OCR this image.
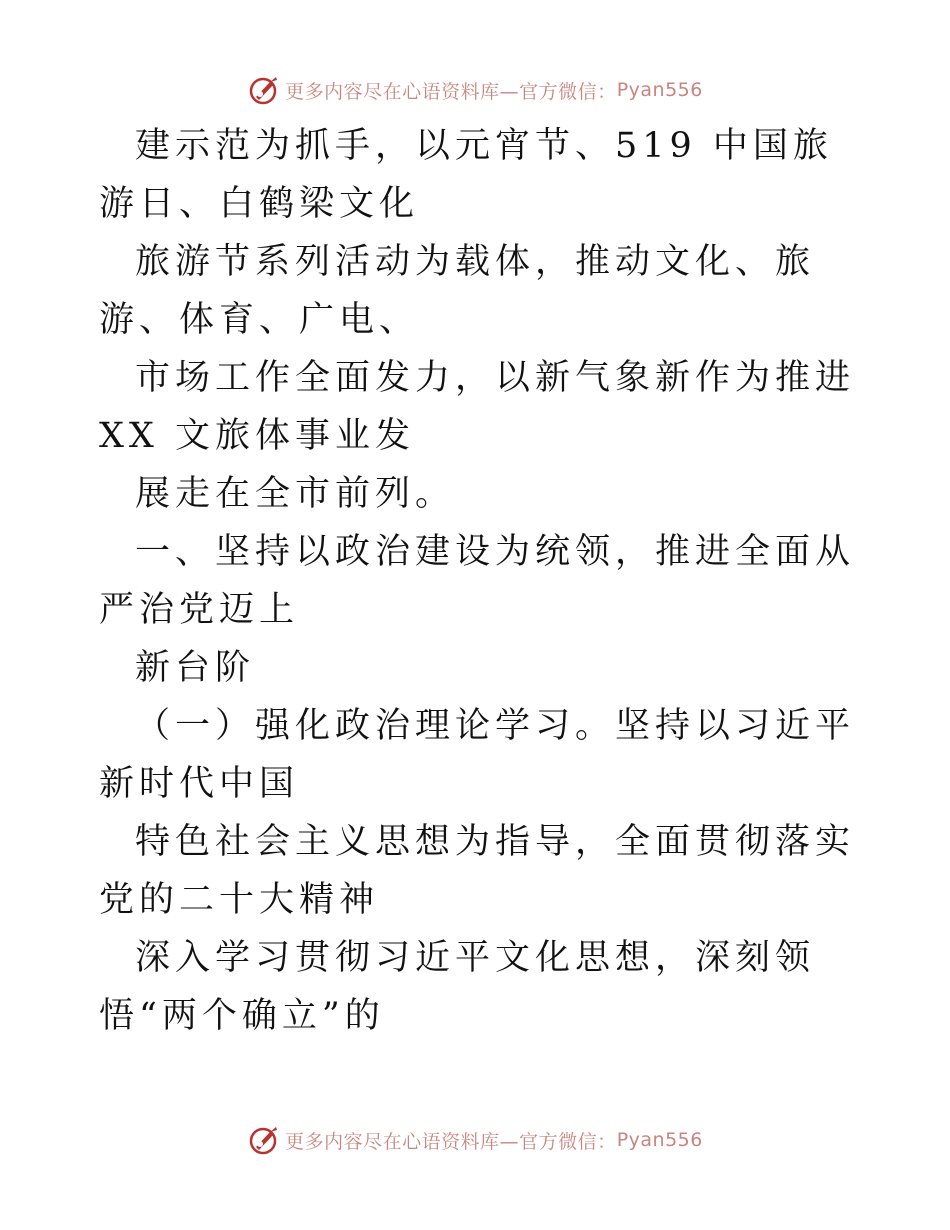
更多内容尽在心语资料库— 官方微信： Pyan556

建示范为抓手，以元宵节、519 中国旅游日、白鹤梁文化

旅游节系列活动为载体，推动文化、旅游、体育、广电、

市场工作全面发力，以新气象新作为推进 XX 文旅体事业发

展走在全市前列。

一、坚持以政治建设为统领，推进全面从严治党迈上

新台阶

（一）强化政治理论学习。坚持以习近平新时代中国

特色社会主义思想为指导，全面贯彻落实党的二十大精神

深入学习贯彻习近平文化思想，深刻领悟“两个确立”的

更多内容尽在心语资料库— 官方微信： Pyan556
